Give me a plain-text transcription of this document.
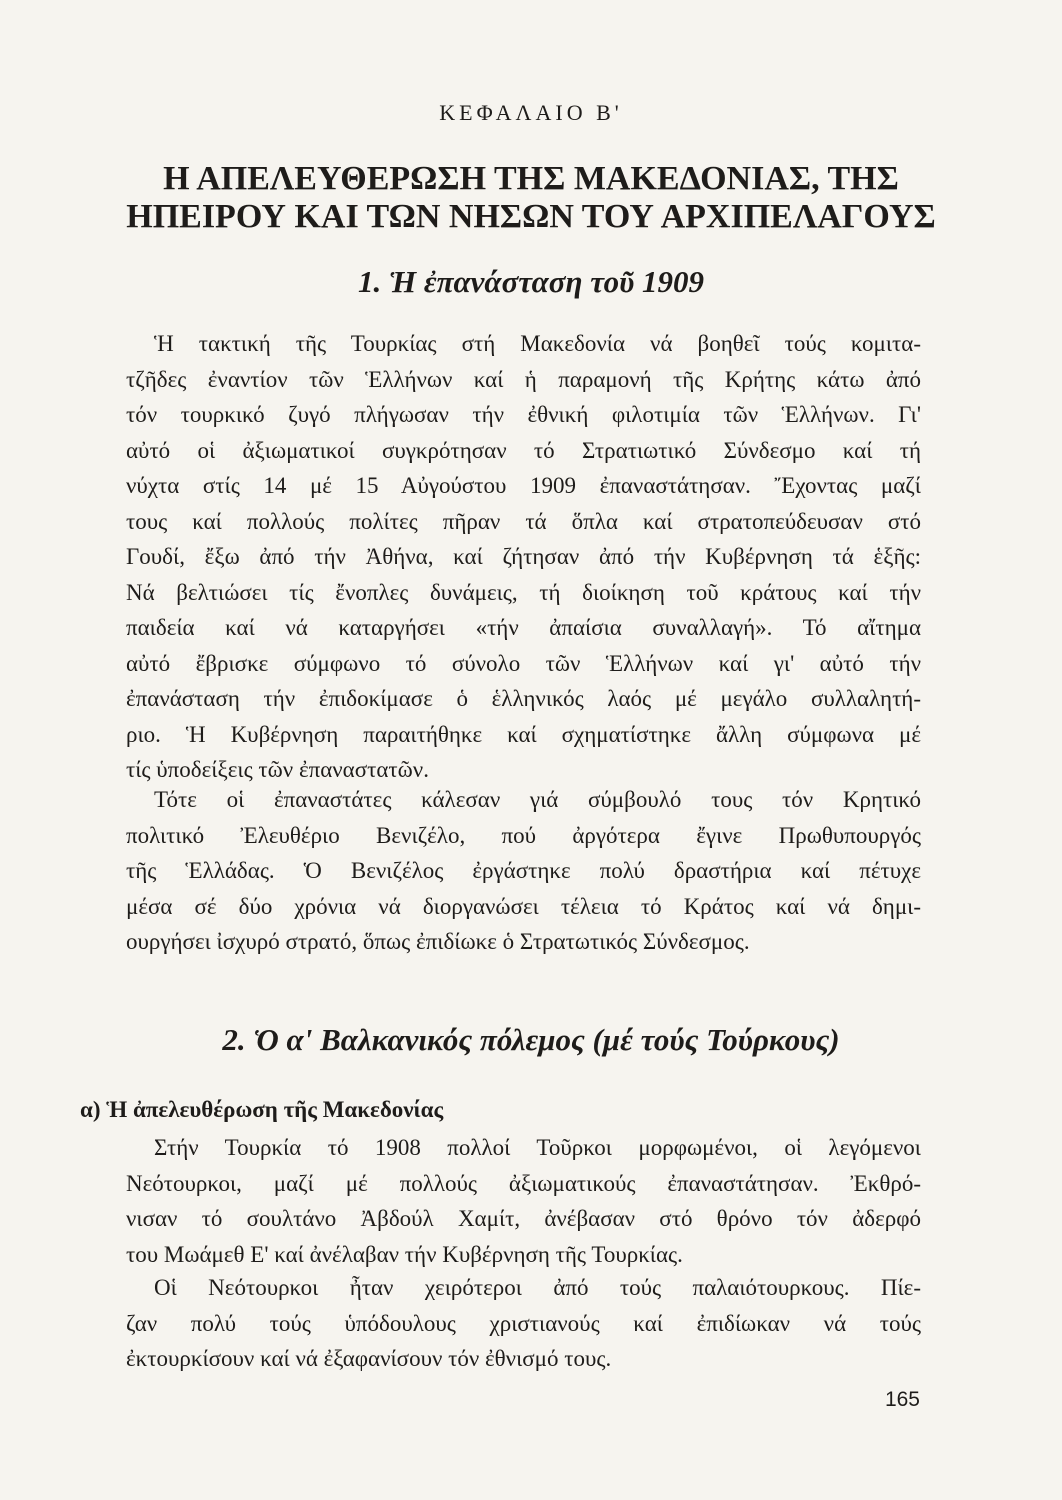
ΚΕΦΑΛΑΙΟ Β'
Η ΑΠΕΛΕΥΘΕΡΩΣΗ ΤΗΣ ΜΑΚΕΔΟΝΙΑΣ, ΤΗΣ
ΗΠΕΙΡΟΥ ΚΑΙ ΤΩΝ ΝΗΣΩΝ ΤΟΥ ΑΡΧΙΠΕΛΑΓΟΥΣ
1. Ἡ ἐπανάσταση τοῦ 1909

Ἡ τακτική τῆς Τουρκίας στή Μακεδονία νά βοηθεῖ τούς κομιτα-
τζῆδες ἐναντίον τῶν Ἑλλήνων καί ἡ παραμονή τῆς Κρήτης κάτω ἀπό
τόν τουρκικό ζυγό πλήγωσαν τήν ἐθνική φιλοτιμία τῶν Ἑλλήνων. Γι'
αὐτό οἱ ἀξιωματικοί συγκρότησαν τό Στρατιωτικό Σύνδεσμο καί τή
νύχτα στίς 14 μέ 15 Αὐγούστου 1909 ἐπαναστάτησαν. Ἔχοντας μαζί
τους καί πολλούς πολίτες πῆραν τά ὅπλα καί στρατοπεύδευσαν στό
Γουδί, ἔξω ἀπό τήν Ἀθήνα, καί ζήτησαν ἀπό τήν Κυβέρνηση τά ἑξῆς:
Νά βελτιώσει τίς ἔνοπλες δυνάμεις, τή διοίκηση τοῦ κράτους καί τήν
παιδεία καί νά καταργήσει «τήν ἀπαίσια συναλλαγή». Τό αἴτημα
αὐτό ἔβρισκε σύμφωνο τό σύνολο τῶν Ἑλλήνων καί γι' αὐτό τήν
ἐπανάσταση τήν ἐπιδοκίμασε ὁ ἑλληνικός λαός μέ μεγάλο συλλαλητή-
ριο. Ἡ Κυβέρνηση παραιτήθηκε καί σχηματίστηκε ἄλλη σύμφωνα μέ
τίς ὑποδείξεις τῶν ἐπαναστατῶν.

Τότε οἱ ἐπαναστάτες κάλεσαν γιά σύμβουλό τους τόν Κρητικό
πολιτικό Ἐλευθέριο Βενιζέλο, πού ἀργότερα ἔγινε Πρωθυπουργός
τῆς Ἑλλάδας. Ὁ Βενιζέλος ἐργάστηκε πολύ δραστήρια καί πέτυχε
μέσα σέ δύο χρόνια νά διοργανώσει τέλεια τό Κράτος καί νά δημι-
ουργήσει ἰσχυρό στρατό, ὅπως ἐπιδίωκε ὁ Στρατωτικός Σύνδεσμος.

2. Ὁ α' Βαλκανικός πόλεμος (μέ τούς Τούρκους)
α) Ἡ ἀπελευθέρωση τῆς Μακεδονίας

Στήν Τουρκία τό 1908 πολλοί Τοῦρκοι μορφωμένοι, οἱ λεγόμενοι
Νεότουρκοι, μαζί μέ πολλούς ἀξιωματικούς ἐπαναστάτησαν. Ἐκθρό-
νισαν τό σουλτάνο Ἀβδούλ Χαμίτ, ἀνέβασαν στό θρόνο τόν ἀδερφό
του Μωάμεθ Ε' καί ἀνέλαβαν τήν Κυβέρνηση τῆς Τουρκίας.

Οἱ Νεότουρκοι ἦταν χειρότεροι ἀπό τούς παλαιότουρκους. Πίε-
ζαν πολύ τούς ὑπόδουλους χριστιανούς καί ἐπιδίωκαν νά τούς
ἐκτουρκίσουν καί νά ἐξαφανίσουν τόν ἐθνισμό τους.

165
